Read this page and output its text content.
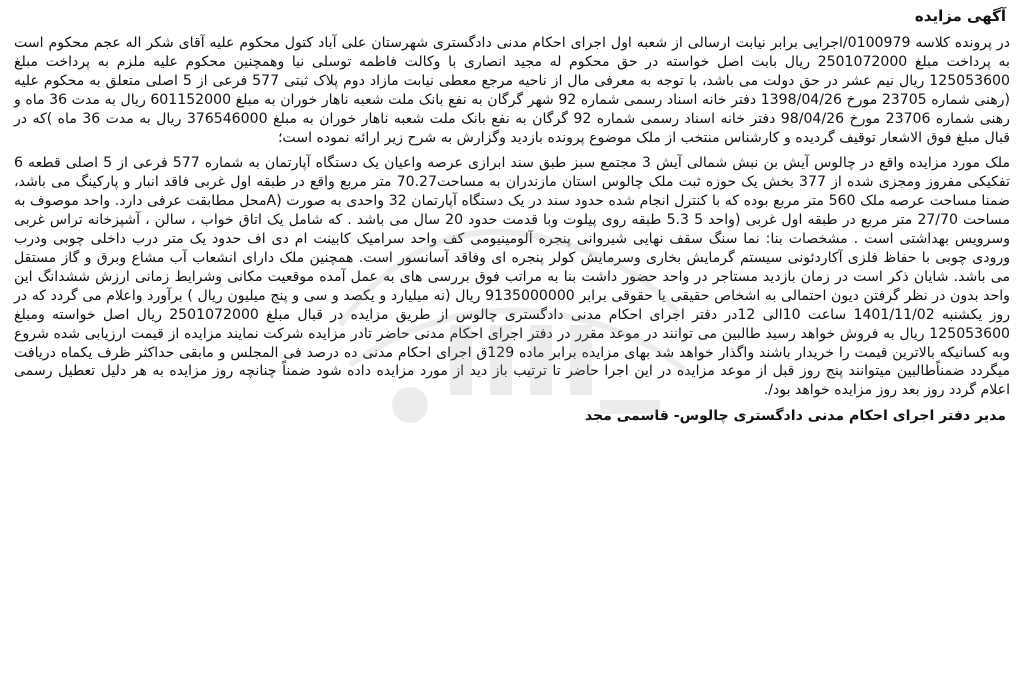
آگهی مزایده

در پرونده کلاسه 0100979/اجرایی برابر نیابت ارسالی از شعبه اول اجرای احکام مدنی دادگستری شهرستان علی آباد کتول محکوم علیه آقای شکر اله عجم محکوم است به پرداخت مبلغ 2501072000 ریال بابت اصل خواسته در حق محکوم له مجید انصاری با وکالت فاطمه توسلی نیا وهمچنین محکوم علیه ملزم به پرداخت مبلغ 125053600 ریال نیم عشر در حق دولت می باشد، با توجه به معرفی مال از ناحیه مرجع معطی نیابت مازاد دوم پلاک ثبتی 577 فرعی از 5 اصلی متعلق به محکوم علیه (رهنی شماره 23705 مورخ 1398/04/26 دفتر خانه اسناد رسمی شماره 92 شهر گرگان به نفع بانک ملت شعبه ناهار خوران به مبلغ 601152000 ریال به مدت 36 ماه و رهنی شماره 23706 مورخ 98/04/26 دفتر خانه اسناد رسمی شماره 92 گرگان به نفع بانک ملت شعبه ناهار خوران به مبلغ 376546000 ریال به مدت 36 ماه )که در قبال مبلغ فوق الاشعار توقیف گردیده و کارشناس منتخب از ملک موضوع پرونده بازدید وگزارش به شرح زیر ارائه نموده است؛

ملک مورد مزایده واقع در چالوس آیش بن نبش شمالی آیش 3 مجتمع سبز طبق سند ابرازی عرصه واعیان یک دستگاه آپارتمان به شماره 577 فرعی از 5 اصلی قطعه 6 تفکیکی مفروز ومجزی شده از 377 بخش یک حوزه ثبت ملک چالوس استان مازندران به مساحت70.27 متر مربع واقع در طبقه اول غربی فاقد انبار و پارکینگ می باشد، ضمنا مساحت عرصه ملک 560 متر مربع بوده که با کنترل انجام شده حدود سند در یک دستگاه آپارتمان 32 واحدی به صورت (Aمحل مطابقت عرفی دارد. واحد موصوف به مساحت 27/70 متر مربع در طبقه اول غربی (واحد 5 5.3 طبقه روی پیلوت وبا قدمت حدود 20 سال می باشد . که شامل یک اتاق خواب ، سالن ، آشپزخانه تراس غربی وسرویس بهداشتی است . مشخصات بنا: نما سنگ سقف نهایی شیروانی پنجره آلومینیومی کف واحد سرامیک کابینت ام دی اف حدود یک متر درب داخلی چوبی ودرب ورودی چوبی با حفاظ فلزی آکاردئونی سیستم گرمایش بخاری وسرمایش کولر پنجره ای وفاقد آسانسور است. همچنین ملک دارای انشعاب آب مشاع وبرق و گاز مستقل می باشد. شایان ذکر است در زمان بازدید مستاجر در واحد حضور داشت بنا به مراتب فوق بررسی های به عمل آمده موقعیت مکانی وشرایط زمانی ارزش ششدانگ این واحد بدون در نظر گرفتن دیون احتمالی به اشخاص حقیقی یا حقوقی برابر 9135000000 ریال (نه میلیارد و یکصد و سی و پنج میلیون ریال ) برآورد واعلام می گردد که در روز یکشنبه 1401/11/02 ساعت 10الی 12در دفتر اجرای احکام مدنی دادگستری چالوس از طریق مزایده در قبال مبلغ 2501072000 ریال اصل خواسته ومبلغ 125053600 ریال به فروش خواهد رسید طالبین می توانند در موعد مقرر در دفتر اجرای احکام مدنی حاضر تادر مزایده شرکت نمایند مزایده از قیمت ارزیابی شده شروع وبه کسانیکه بالاترین قیمت را خریدار باشند واگذار خواهد شد بهای مزایده برابر ماده 129ق اجرای احکام مدنی ده درصد فی المجلس و مابقی حداکثر ظرف یکماه دریافت میگردد ضمناًطالبین میتوانند پنج روز قبل از موعد مزایده در این اجرا حاضر تا ترتیب باز دید از مورد مزایده داده شود ضمناً چنانچه روز مزایده به هر دلیل تعطیل رسمی اعلام گردد روز بعد روز مزایده خواهد بود/.

مدیر دفتر اجرای احکام مدنی دادگستری چالوس- قاسمی مجد
